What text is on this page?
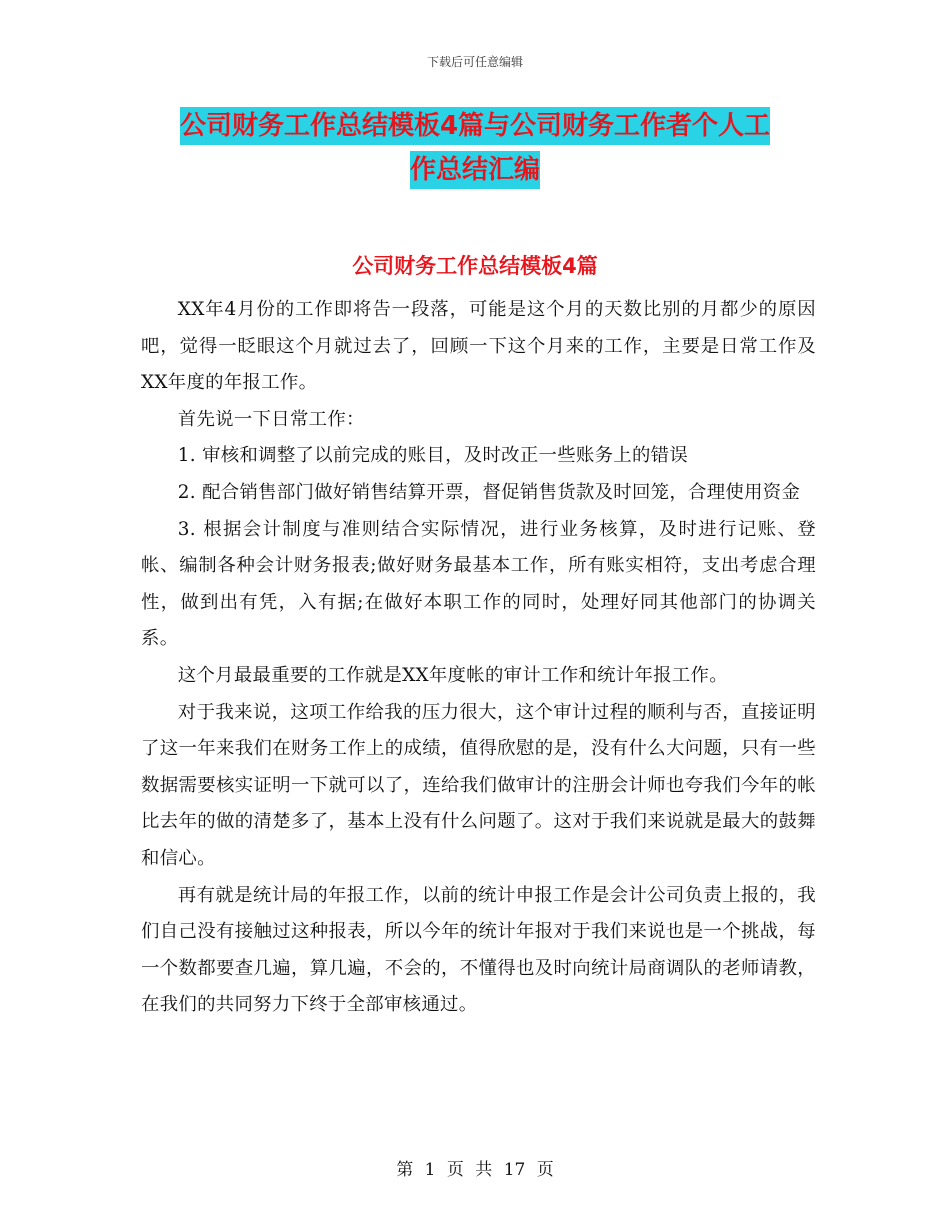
下载后可任意编辑
公司财务工作总结模板4篇与公司财务工作者个人工
作总结汇编
公司财务工作总结模板4篇

XX年4月份的工作即将告一段落，可能是这个月的天数比别的月都少的原因吧，觉得一眨眼这个月就过去了，回顾一下这个月来的工作，主要是日常工作及XX年度的年报工作。

首先说一下日常工作：

1. 审核和调整了以前完成的账目，及时改正一些账务上的错误

2. 配合销售部门做好销售结算开票，督促销售货款及时回笼，合理使用资金

3. 根据会计制度与准则结合实际情况，进行业务核算，及时进行记账、登帐、编制各种会计财务报表;做好财务最基本工作，所有账实相符，支出考虑合理性，做到出有凭，入有据;在做好本职工作的同时，处理好同其他部门的协调关系。

这个月最最重要的工作就是XX年度帐的审计工作和统计年报工作。

对于我来说，这项工作给我的压力很大，这个审计过程的顺利与否，直接证明了这一年来我们在财务工作上的成绩，值得欣慰的是，没有什么大问题，只有一些数据需要核实证明一下就可以了，连给我们做审计的注册会计师也夸我们今年的帐比去年的做的清楚多了，基本上没有什么问题了。这对于我们来说就是最大的鼓舞和信心。

再有就是统计局的年报工作，以前的统计申报工作是会计公司负责上报的，我们自己没有接触过这种报表，所以今年的统计年报对于我们来说也是一个挑战，每一个数都要查几遍，算几遍，不会的，不懂得也及时向统计局商调队的老师请教，在我们的共同努力下终于全部审核通过。

第 1 页 共 17 页
